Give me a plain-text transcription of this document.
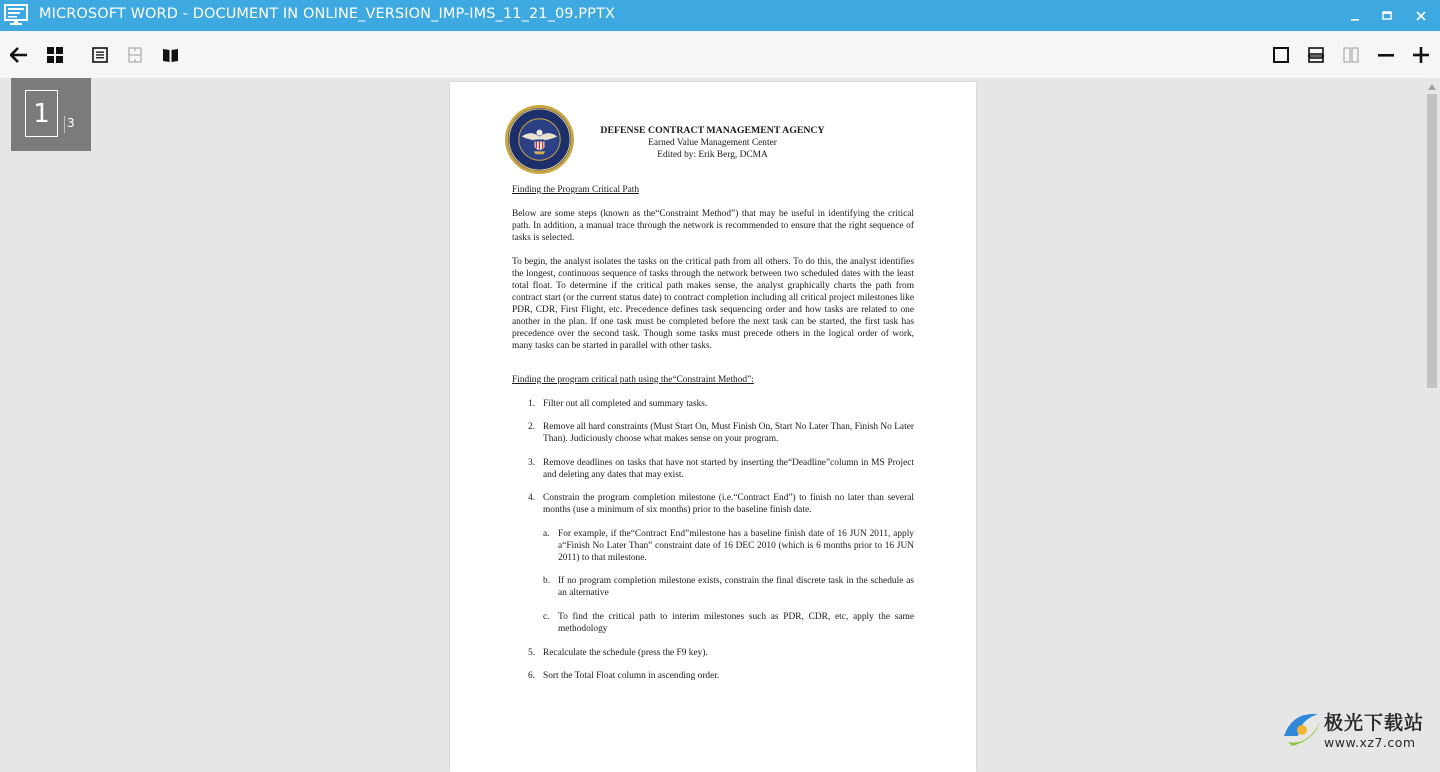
MICROSOFT WORD - DOCUMENT IN ONLINE_VERSION_IMP-IMS_11_21_09.PPTX
1	3
DEFENSE CONTRACT MANAGEMENT AGENCY
Earned Value Management Center
Edited by: Erik Berg, DCMA
Finding the Program Critical Path
Below are some steps (known as the“Constraint Method”) that may be useful in identifying the critical path. In addition, a manual trace through the network is recommended to ensure that the right sequence of tasks is selected.
To begin, the analyst isolates the tasks on the critical path from all others. To do this, the analyst identifies the longest, continuous sequence of tasks through the network between two scheduled dates with the least total float. To determine if the critical path makes sense, the analyst graphically charts the path from contract start (or the current status date) to contract completion including all critical project milestones like PDR, CDR, First Flight, etc. Precedence defines task sequencing order and how tasks are related to one another in the plan. If one task must be completed before the next task can be started, the first task has precedence over the second task. Though some tasks must precede others in the logical order of work, many tasks can be started in parallel with other tasks.
Finding the program critical path using the“Constraint Method”:
1. Filter out all completed and summary tasks.
2. Remove all hard constraints (Must Start On, Must Finish On, Start No Later Than, Finish No Later Than). Judiciously choose what makes sense on your program.
3. Remove deadlines on tasks that have not started by inserting the“Deadline”column in MS Project and deleting any dates that may exist.
4. Constrain the program completion milestone (i.e.“Contract End”) to finish no later than several months (use a minimum of six months) prior to the baseline finish date.
a. For example, if the“Contract End”milestone has a baseline finish date of 16 JUN 2011, apply a“Finish No Later Than” constraint date of 16 DEC 2010 (which is 6 months prior to 16 JUN 2011) to that milestone.
b. If no program completion milestone exists, constrain the final discrete task in the schedule as an alternative
c. To find the critical path to interim milestones such as PDR, CDR, etc, apply the same methodology
5. Recalculate the schedule (press the F9 key).
6. Sort the Total Float column in ascending order.
极光下载站
www.xz7.com
